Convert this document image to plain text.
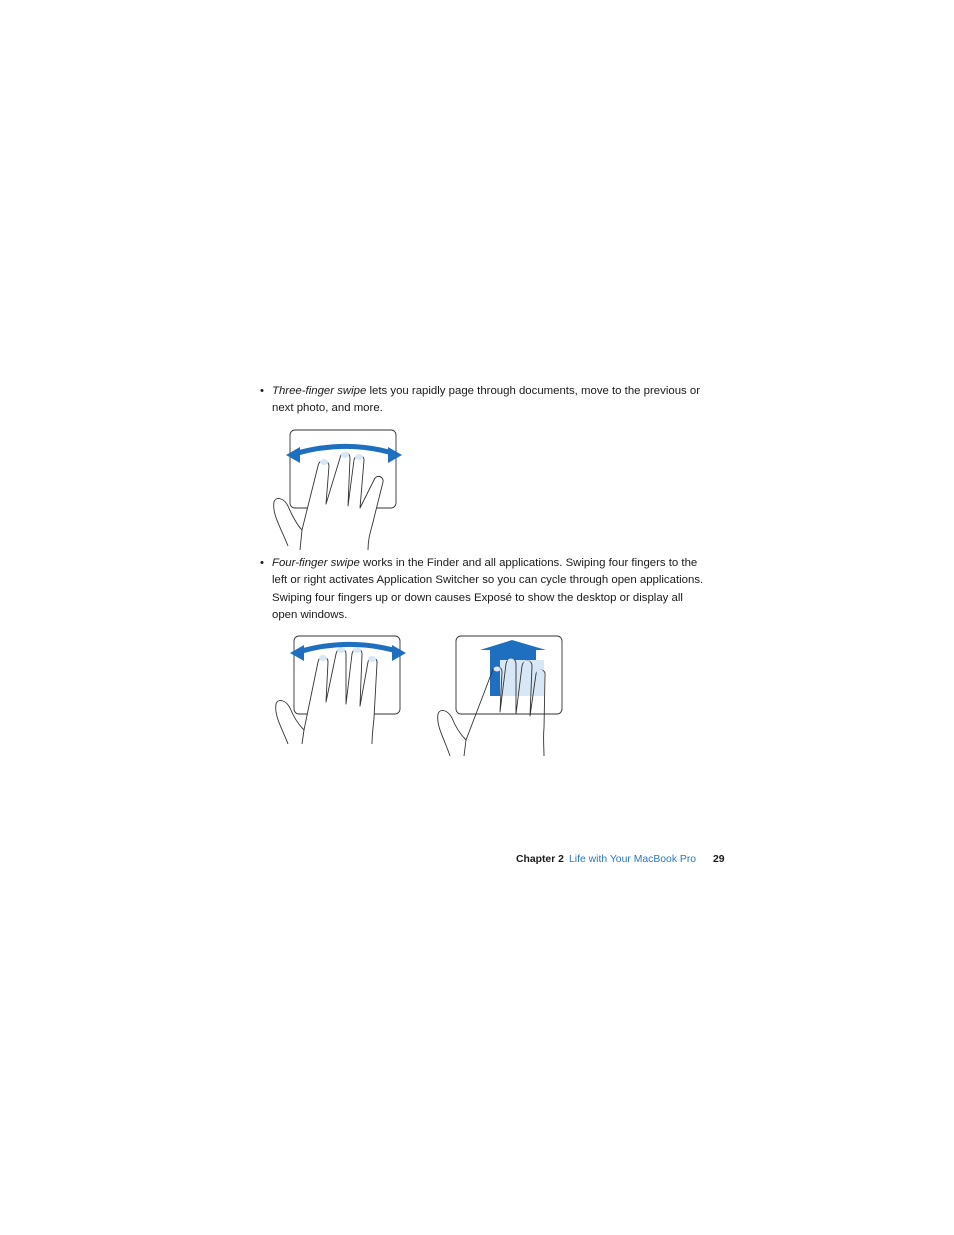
• Three-finger swipe lets you rapidly page through documents, move to the previous or next photo, and more.
• Four-finger swipe works in the Finder and all applications. Swiping four fingers to the left or right activates Application Switcher so you can cycle through open applications. Swiping four fingers up or down causes Exposé to show the desktop or display all open windows.
Chapter 2 Life with Your MacBook Pro 29
